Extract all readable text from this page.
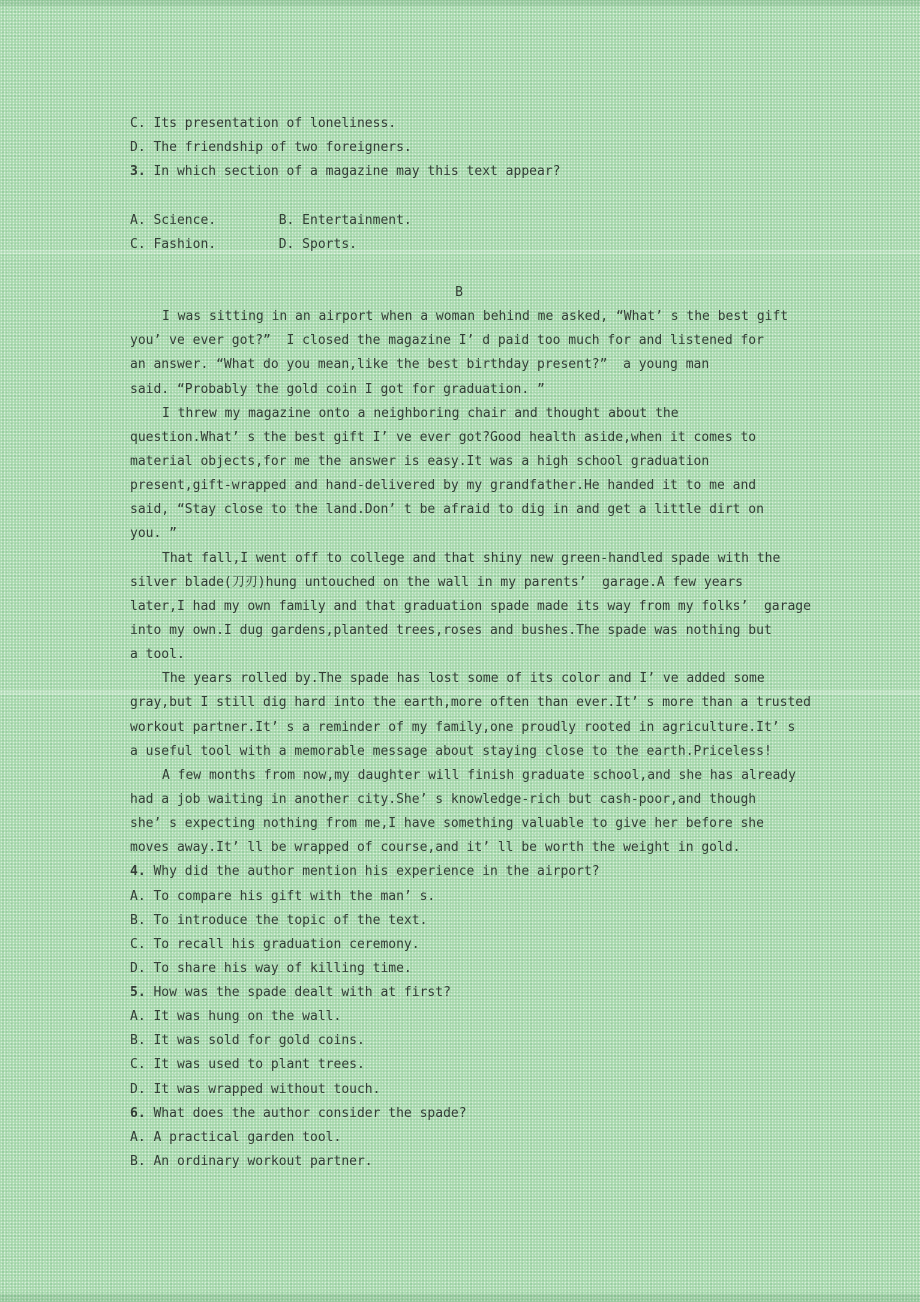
C. Its presentation of loneliness.
D. The friendship of two foreigners.
3. In which section of a magazine may this text appear?

A. Science.        B. Entertainment.
C. Fashion.        D. Sports.

B
I was sitting in an airport when a woman behind me asked, “What’ s the best gift
you’ ve ever got?”  I closed the magazine I’ d paid too much for and listened for
an answer. “What do you mean,like the best birthday present?”  a young man
said. “Probably the gold coin I got for graduation. ”
I threw my magazine onto a neighboring chair and thought about the
question.What’ s the best gift I’ ve ever got?Good health aside,when it comes to
material objects,for me the answer is easy.It was a high school graduation
present,gift-wrapped and hand-delivered by my grandfather.He handed it to me and
said, “Stay close to the land.Don’ t be afraid to dig in and get a little dirt on
you. ”
That fall,I went off to college and that shiny new green-handled spade with the
silver blade(刀刃)hung untouched on the wall in my parents’  garage.A few years
later,I had my own family and that graduation spade made its way from my folks’  garage
into my own.I dug gardens,planted trees,roses and bushes.The spade was nothing but
a tool.
The years rolled by.The spade has lost some of its color and I’ ve added some
gray,but I still dig hard into the earth,more often than ever.It’ s more than a trusted
workout partner.It’ s a reminder of my family,one proudly rooted in agriculture.It’ s
a useful tool with a memorable message about staying close to the earth.Priceless!
A few months from now,my daughter will finish graduate school,and she has already
had a job waiting in another city.She’ s knowledge-rich but cash-poor,and though
she’ s expecting nothing from me,I have something valuable to give her before she
moves away.It’ ll be wrapped of course,and it’ ll be worth the weight in gold.
4. Why did the author mention his experience in the airport?
A. To compare his gift with the man’ s.
B. To introduce the topic of the text.
C. To recall his graduation ceremony.
D. To share his way of killing time.
5. How was the spade dealt with at first?
A. It was hung on the wall.
B. It was sold for gold coins.
C. It was used to plant trees.
D. It was wrapped without touch.
6. What does the author consider the spade?
A. A practical garden tool.
B. An ordinary workout partner.
